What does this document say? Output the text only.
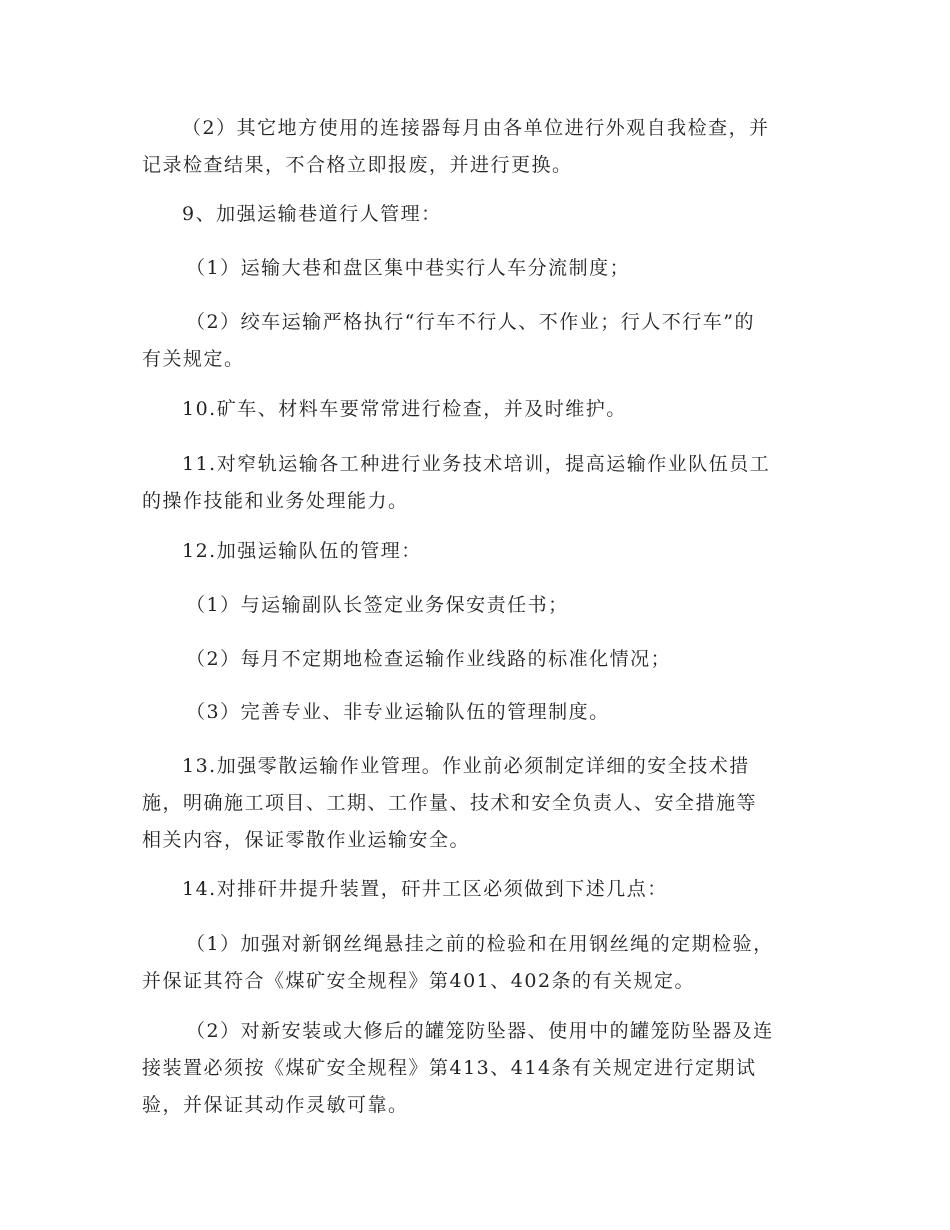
（2）其它地方使用的连接器每月由各单位进行外观自我检查，并
记录检查结果，不合格立即报废，并进行更换。
9、加强运输巷道行人管理：
（1）运输大巷和盘区集中巷实行人车分流制度；
（2）绞车运输严格执行“行车不行人、不作业；行人不行车”的
有关规定。
10.矿车、材料车要常常进行检查，并及时维护。
11.对窄轨运输各工种进行业务技术培训，提高运输作业队伍员工
的操作技能和业务处理能力。
12.加强运输队伍的管理：
（1）与运输副队长签定业务保安责任书；
（2）每月不定期地检查运输作业线路的标准化情况；
（3）完善专业、非专业运输队伍的管理制度。
13.加强零散运输作业管理。作业前必须制定详细的安全技术措
施，明确施工项目、工期、工作量、技术和安全负责人、安全措施等
相关内容，保证零散作业运输安全。
14.对排矸井提升装置，矸井工区必须做到下述几点：
（1）加强对新钢丝绳悬挂之前的检验和在用钢丝绳的定期检验，
并保证其符合《煤矿安全规程》第401、402条的有关规定。
（2）对新安装或大修后的罐笼防坠器、使用中的罐笼防坠器及连
接装置必须按《煤矿安全规程》第413、414条有关规定进行定期试
验，并保证其动作灵敏可靠。
